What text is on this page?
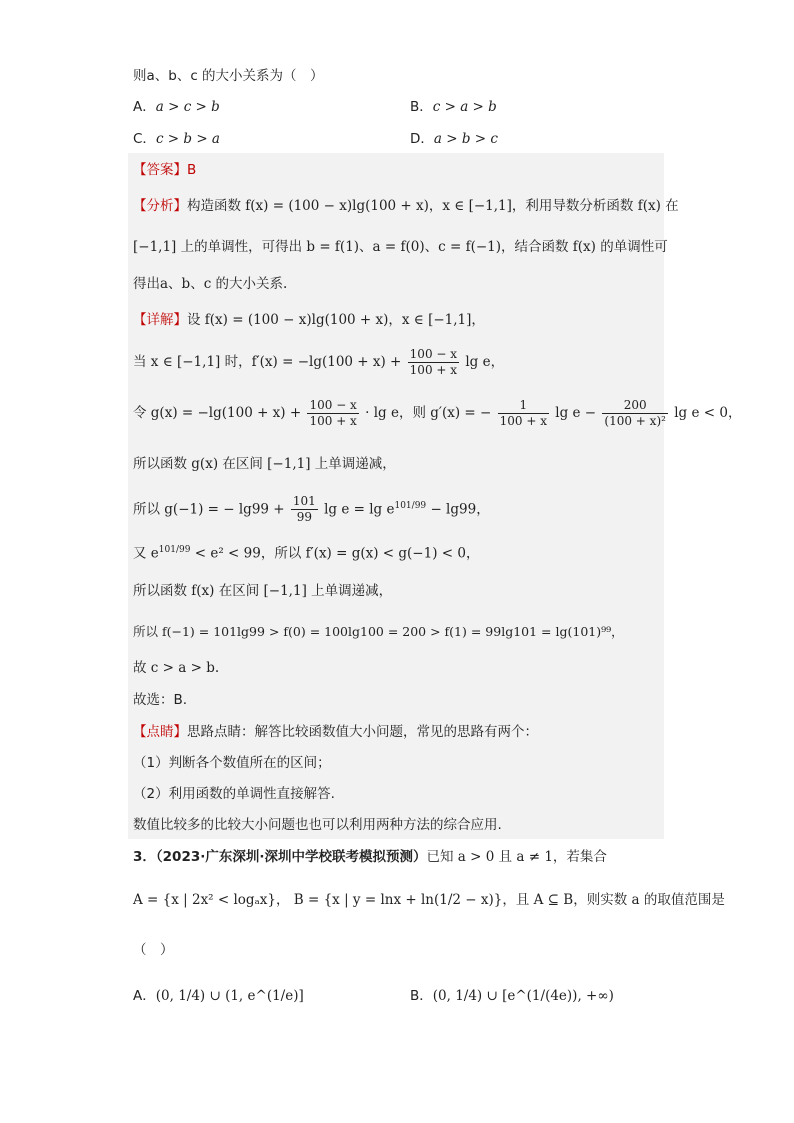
则a、b、c 的大小关系为（　）
A．a > c > b	B．c > a > b
C．c > b > a	D．a > b > c
【答案】B
【分析】构造函数 f(x) = (100 − x)lg(100 + x)，x ∈ [−1,1]，利用导数分析函数 f(x) 在
[−1,1] 上的单调性，可得出 b = f(1)、a = f(0)、c = f(−1)，结合函数 f(x) 的单调性可
得出a、b、c 的大小关系.
【详解】设 f(x) = (100 − x)lg(100 + x)，x ∈ [−1,1]，
当 x ∈ [−1,1] 时，$f'(x) = -\lg(100 + x) + \frac{100 - x}{100 + x}$ lg e，
令 $g(x) = -\lg(100 + x) + \frac{100 - x}{100 + x} \cdot \lg e$，则 g′(x) = − $\frac{1}{100 + x}$ $\lg e - \frac{200}{\text{(100 + x)²}}$ lg e < 0，
所以函数 g(x) 在区间 [−1,1] 上单调递减，
所以 g(−1) = − $\lg 99 + \frac{101}{99}$ $\lg e = \lg e^{101/99} - \lg 99$，
又 $e^{101/99} < e^2 < 99$，所以 f′(x) = g(x) < g(−1) < 0，
所以函数 f(x) 在区间 [−1,1] 上单调递减，
所以 f(−1) = 101lg99 > f(0) = 100lg100 = 200 > f(1) = 99lg101 = lg(101)⁹⁹，
故 c > a > b.
故选：B.
【点睛】思路点睛：解答比较函数值大小问题，常见的思路有两个：
（1）判断各个数值所在的区间；
（2）利用函数的单调性直接解答.
数值比较多的比较大小问题也也可以利用两种方法的综合应用.
3．（2023·广东深圳·深圳中学校联考模拟预测）已知 a > 0 且 a ≠ 1，若集合
A = {x | 2x² < logₐx}， B = {x | y = lnx + ln(1/2 − x)}，且 A ⊆ B，则实数 a 的取值范围是
（　）
A．(0, 1/4) ∪ (1, e^(1/e)]	B．(0, 1/4) ∪ [e^(1/(4e)), +∞)
